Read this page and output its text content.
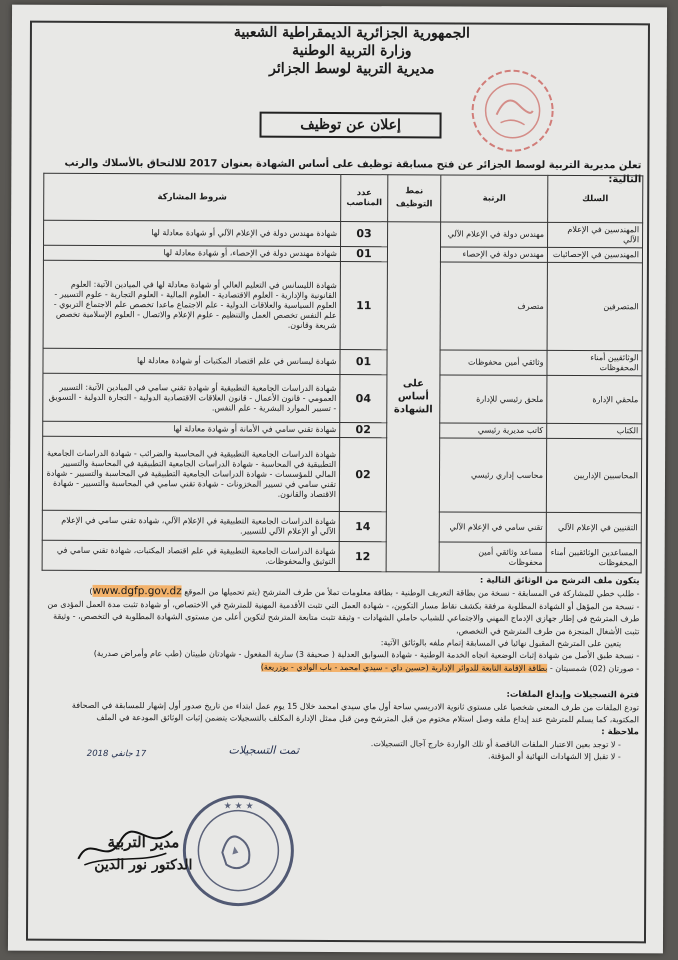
الجمهورية الجزائرية الديمقراطية الشعبية
وزارة التربية الوطنية
مديرية التربية لوسط الجزائر
إعلان عن توظيف
تعلن مديرية التربية لوسط الجزائر عن فتح مسابقة توظيف على أساس الشهادة بعنوان 2017 للالتحاق بالأسلاك والرتب التالية:
السلك	الرتبة	نمط التوظيف	عدد المناصب	شروط المشاركة
المهندسين في الإعلام الآلي	مهندس دولة في الإعلام الآلي	على أساس الشهادة	03	شهادة مهندس دولة في الإعلام الآلي أو شهادة معادلة لها
المهندسين في الإحصائيات	مهندس دولة في الإحصاء		01	شهادة مهندس دولة في الإحصاء، أو شهادة معادلة لها
المتصرفين	متصرف		11	شهادة الليسانس في التعليم العالي أو شهادة معادلة لها في الميادين الآتية: العلوم القانونية والإدارية - العلوم الاقتصادية - العلوم المالية - العلوم التجارية - علوم التسيير - العلوم السياسية والعلاقات الدولية - علم الاجتماع ماعدا تخصص علم الاجتماع التربوي - علم النفس تخصص العمل والتنظيم - علوم الإعلام والاتصال - العلوم الإسلامية تخصص شريعة وقانون.
الوثائقيين أمناء المحفوظات	وثائقي أمين محفوظات		01	شهادة ليسانس في علم اقتصاد المكتبات أو شهادة معادلة لها
ملحقي الإدارة	ملحق رئيسي للإدارة		04	شهادة الدراسات الجامعية التطبيقية أو شهادة تقني سامي في الميادين الآتية: التسيير العمومي - قانون الأعمال - قانون العلاقات الاقتصادية الدولية - التجارة الدولية - التسويق - تسيير الموارد البشرية - علم النفس.
الكتاب	كاتب مديرية رئيسي		02	شهادة تقني سامي في الأمانة أو شهادة معادلة لها
المحاسبين الإداريين	محاسب إداري رئيسي		02	شهادة الدراسات الجامعية التطبيقية في المحاسبة والضرائب - شهادة الدراسات الجامعية التطبيقية في المحاسبة - شهادة الدراسات الجامعية التطبيقية في المحاسبة والتسيير المالي للمؤسسات - شهادة الدراسات الجامعية التطبيقية في المحاسبة والتسيير - شهادة تقني سامي في تسيير المخزونات - شهادة تقني سامي في المحاسبة والتسيير - شهادة الاقتصاد والقانون.
التقنيين في الإعلام الآلي	تقني سامي في الإعلام الآلي		14	شهادة الدراسات الجامعية التطبيقية في الإعلام الآلي، شهادة تقني سامي في الإعلام الآلي أو الإعلام الآلي للتسيير.
المساعدين الوثائقيين أمناء المحفوظات	مساعد وثائقي أمين محفوظات		12	شهادة الدراسات الجامعية التطبيقية في علم اقتصاد المكتبات، شهادة تقني سامي في التوثيق والمحفوظات.

يتكون ملف الترشح من الوثائق التالية :

- طلب خطي للمشاركة في المسابقة - نسخة من بطاقة التعريف الوطنية - بطاقة معلومات تملأ من طرف المترشح (يتم تحميلها من الموقع www.dgfp.gov.dz)

- نسخة من المؤهل أو الشهادة المطلوبة مرفقة بكشف نقاط مسار التكوين، - شهادة العمل التي تثبت الأقدمية المهنية للمترشح في الاختصاص، أو شهادة تثبت مدة العمل المؤدى من طرف المترشح في إطار جهازي الإدماج المهني والاجتماعي للشباب حاملي الشهادات - وثيقة تثبت متابعة المترشح لتكوين أعلى من مستوى الشهادة المطلوبة في التخصص، - وثيقة تثبت الأشغال المنجزة من طرف المترشح في التخصص،

يتعين على المترشح المقبول نهائيا في المسابقة إتمام ملفه بالوثائق الآتية:

- نسخة طبق الأصل من شهادة إثبات الوضعية اتجاه الخدمة الوطنية - شهادة السوابق العدلية ( صحيفة 3) سارية المفعول - شهادتان طبيتان (طب عام وأمراض صدرية)

- صورتان (02) شمسيتان - بطاقة الإقامة التابعة للدوائر الإدارية (حسين داي - سيدي امحمد - باب الوادي - بوزريعة)

فترة التسجيلات وإيداع الملفات:

تودع الملفات من طرف المعني شخصيا على مستوى ثانوية الادريسي ساحة أول ماي سيدي امحمد خلال 15 يوم عمل ابتداء من تاريخ صدور أول إشهار للمسابقة في الصحافة المكتوبة، كما يسلم للمترشح عند إيداع ملفه وصل استلام مختوم من قبل المترشح ومن قبل ممثل الإدارة المكلف بالتسجيلات يتضمن إثبات الوثائق المودعة في الملف

ملاحظة :

- لا توجد بعين الاعتبار الملفات الناقصة أو تلك الواردة خارج آجال التسجيلات.

- لا تقبل إلا الشهادات النهائية أو المؤقتة.

تمت التسجيلات
17 جانفي 2018
★ ★ ★
مدير التربية
الدكتور نور الدين
